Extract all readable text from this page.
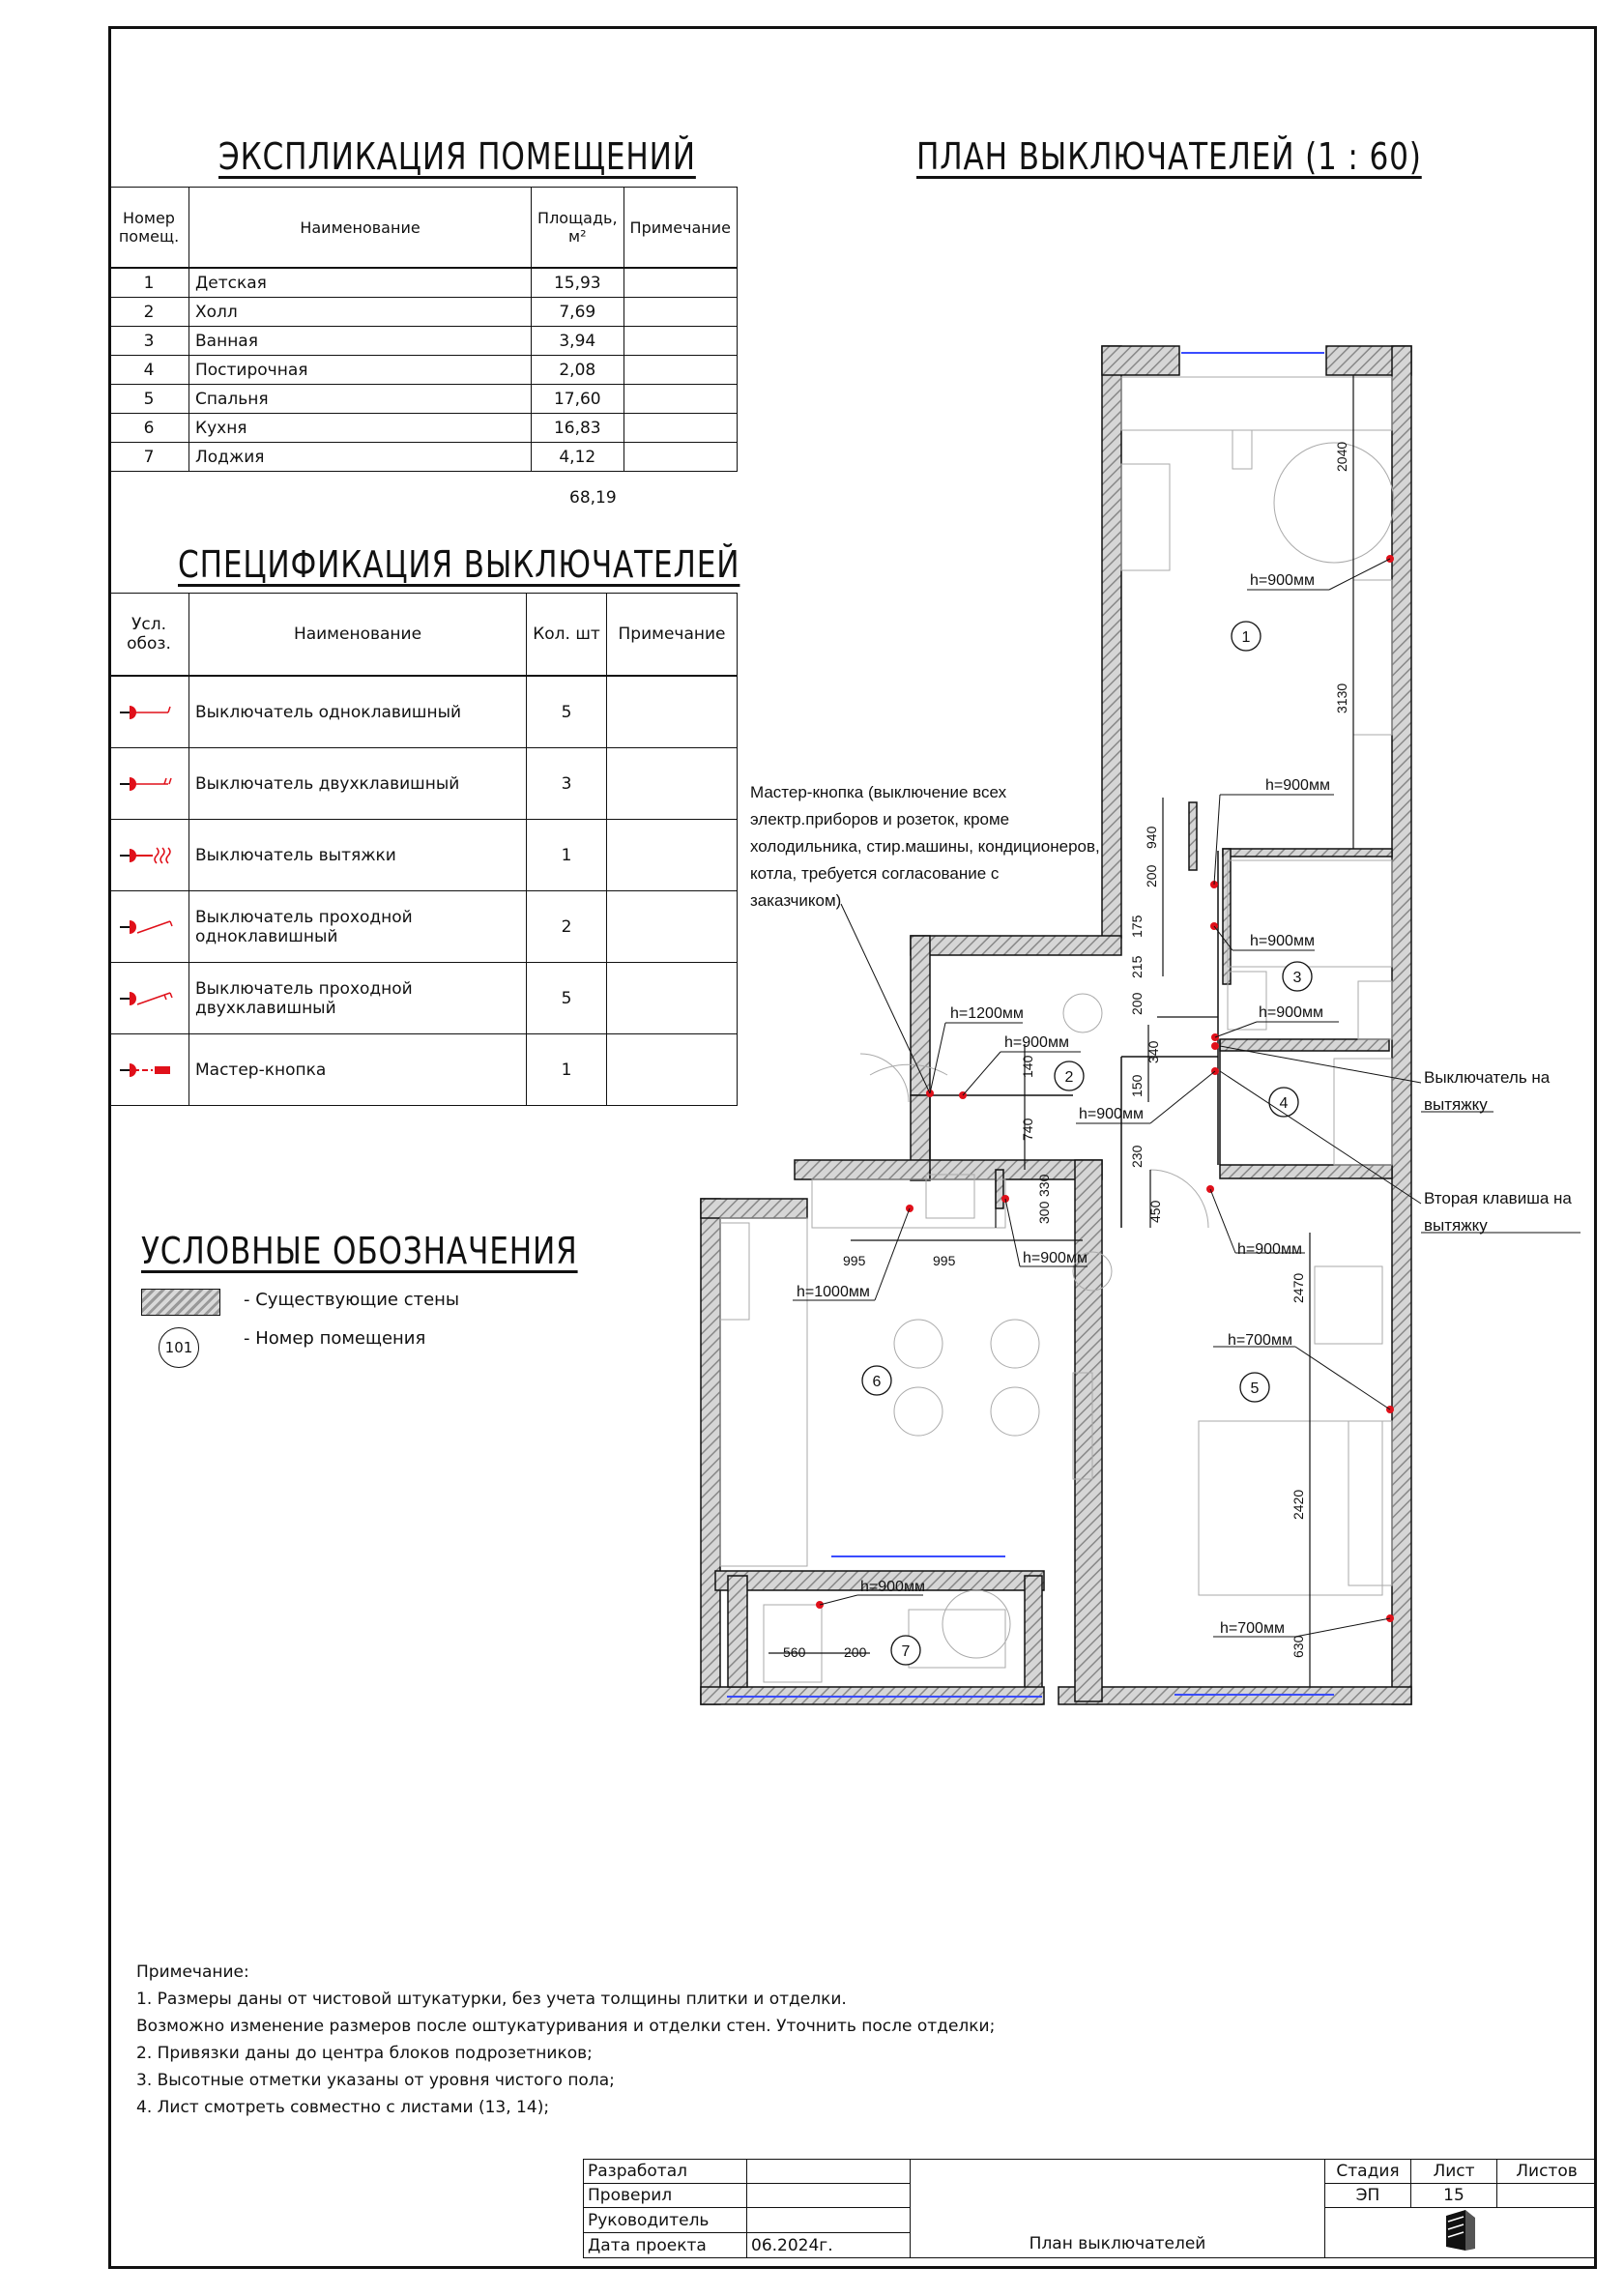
ЭКСПЛИКАЦИЯ ПОМЕЩЕНИЙ
Номер помещ.	Наименование	Площадь, м²	Примечание
1	Детская	15,93	
2	Холл	7,69	
3	Ванная	3,94	
4	Постирочная	2,08	
5	Спальня	17,60	
6	Кухня	16,83	
7	Лоджия	4,12	
68,19
СПЕЦИФИКАЦИЯ ВЫКЛЮЧАТЕЛЕЙ
Усл. обоз.	Наименование	Кол. шт	Примечание
	Выключатель одноклавишный	5	
	Выключатель двухклавишный	3	
	Выключатель вытяжки	1	
	Выключатель проходной одноклавишный	2	
	Выключатель проходной двухклавишный	5	
	Мастер-кнопка	1	
УСЛОВНЫЕ ОБОЗНАЧЕНИЯ
- Существующие стены
101	- Номер помещения
ПЛАН ВЫКЛЮЧАТЕЛЕЙ (1 : 60)
2040
3130
940
200
175
215
200
340
150
140
740
330
300
230
450
995	995
2470
2420
630
560	200
1
2
3
4
5
6
7
h=900мм
h=900мм
h=900мм
h=900мм
h=1200мм
h=900мм
h=900мм
h=900мм
h=900мм
h=1000мм
h=700мм
h=700мм
h=900мм
Мастер-кнопка (выключение всех
электр.приборов и розеток, кроме
холодильника, стир.машины, кондиционеров,
котла, требуется согласование с
заказчиком)
Выключатель на
вытяжку
Вторая клавиша на
вытяжку
Примечание:
1. Размеры даны от чистовой штукатурки, без учета толщины плитки и отделки.
Возможно изменение размеров после оштукатуривания и отделки стен. Уточнить после отделки;
2. Привязки даны до центра блоков подрозетников;
3. Высотные отметки указаны от уровня чистого пола;
4. Лист смотреть совместно с листами (13, 14);
Разработал		План выключателей	Стадия	Лист	Листов
Проверил			ЭП	15	
Руководитель		
Дата проекта	06.2024г.				
